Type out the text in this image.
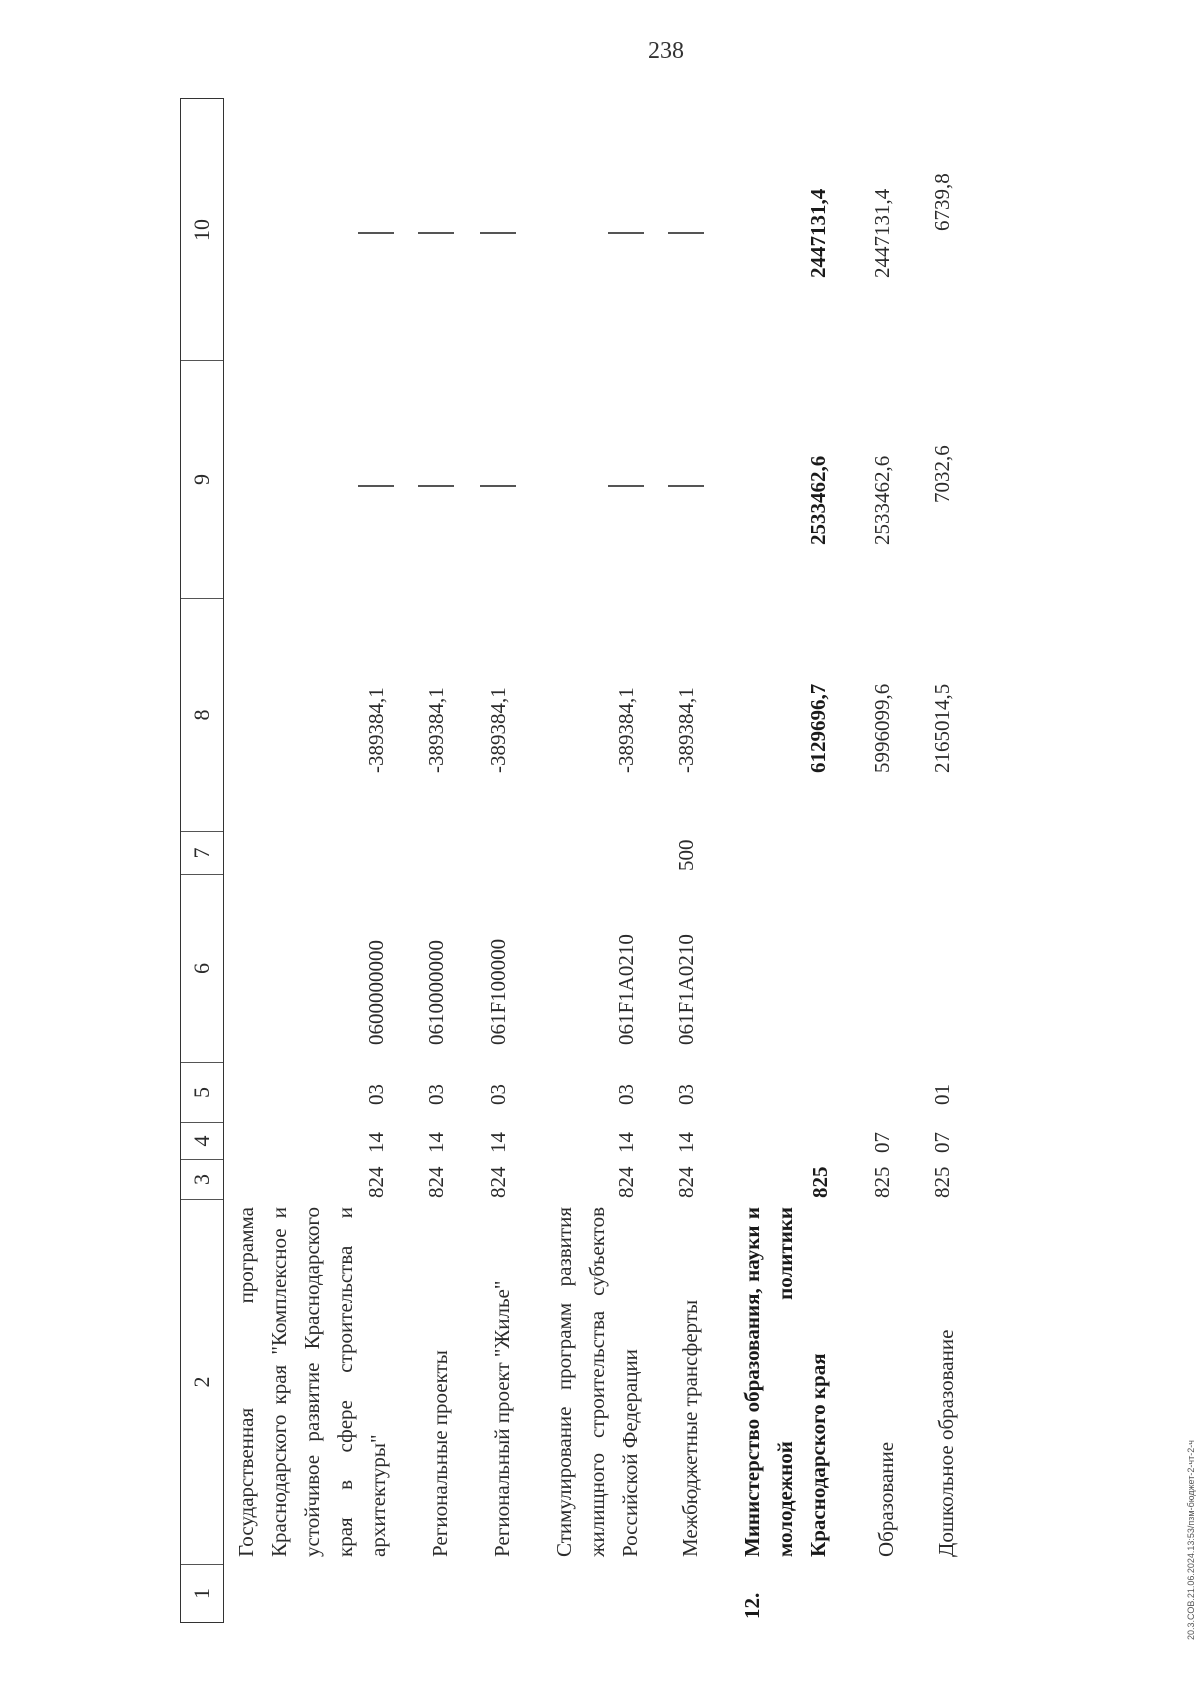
238
1
2
3
4
5
6
7
8
9
10
Государственная программа Краснодарского края "Комплексное и устойчивое развитие Краснодарского края в сфере строительства и архитектуры"
824
14
03
0600000000
-389384,1
Региональные проекты
824
14
03
0610000000
-389384,1
Региональный проект "Жилье"
824
14
03
061F100000
-389384,1
Стимулирование программ развития жилищного строительства субъектов Российской Федерации
824
14
03
061F1A0210
-389384,1
Межбюджетные трансферты
824
14
03
061F1A0210
500
-389384,1
12.
Министерство образования, науки и молодежной политики Краснодарского края
825
6129696,7
2533462,6
2447131,4
Образование
825
07
5996099,6
2533462,6
2447131,4
Дошкольное образование
825
07
01
2165014,5
7032,6
6739,8
20.3.СОВ.21.06.2024.13:53/пзм-бюджет-2-чт-2-ч
